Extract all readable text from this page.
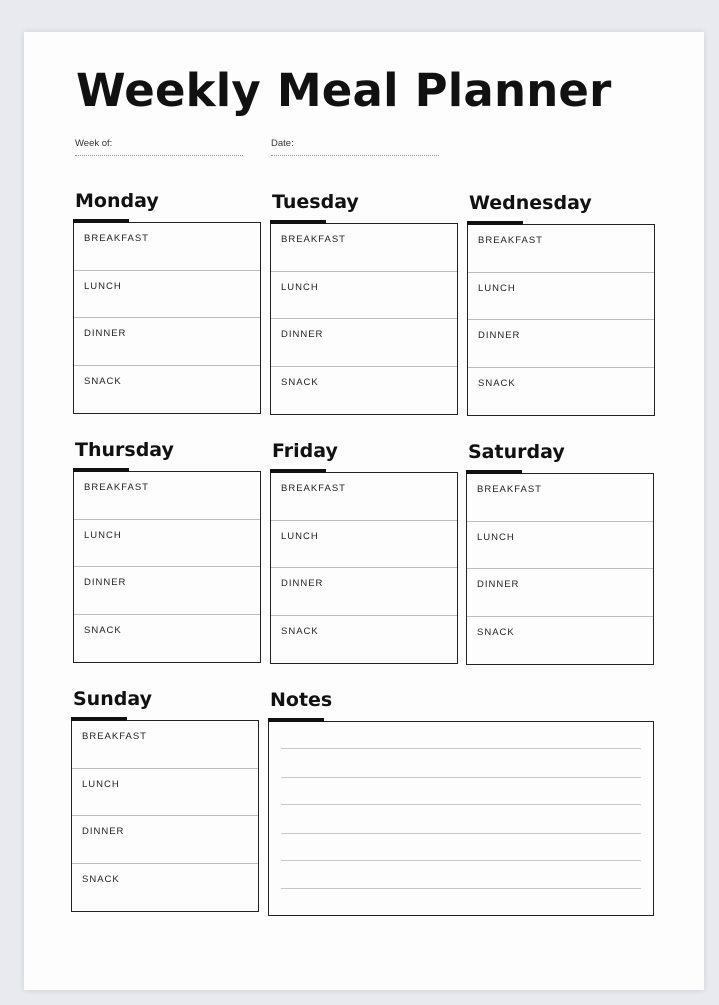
Weekly Meal Planner
Week of:	Date:
Monday
BREAKFAST
LUNCH
DINNER
SNACK
Tuesday
BREAKFAST
LUNCH
DINNER
SNACK
Wednesday
BREAKFAST
LUNCH
DINNER
SNACK
Thursday
BREAKFAST
LUNCH
DINNER
SNACK
Friday
BREAKFAST
LUNCH
DINNER
SNACK
Saturday
BREAKFAST
LUNCH
DINNER
SNACK
Sunday
BREAKFAST
LUNCH
DINNER
SNACK
Notes
